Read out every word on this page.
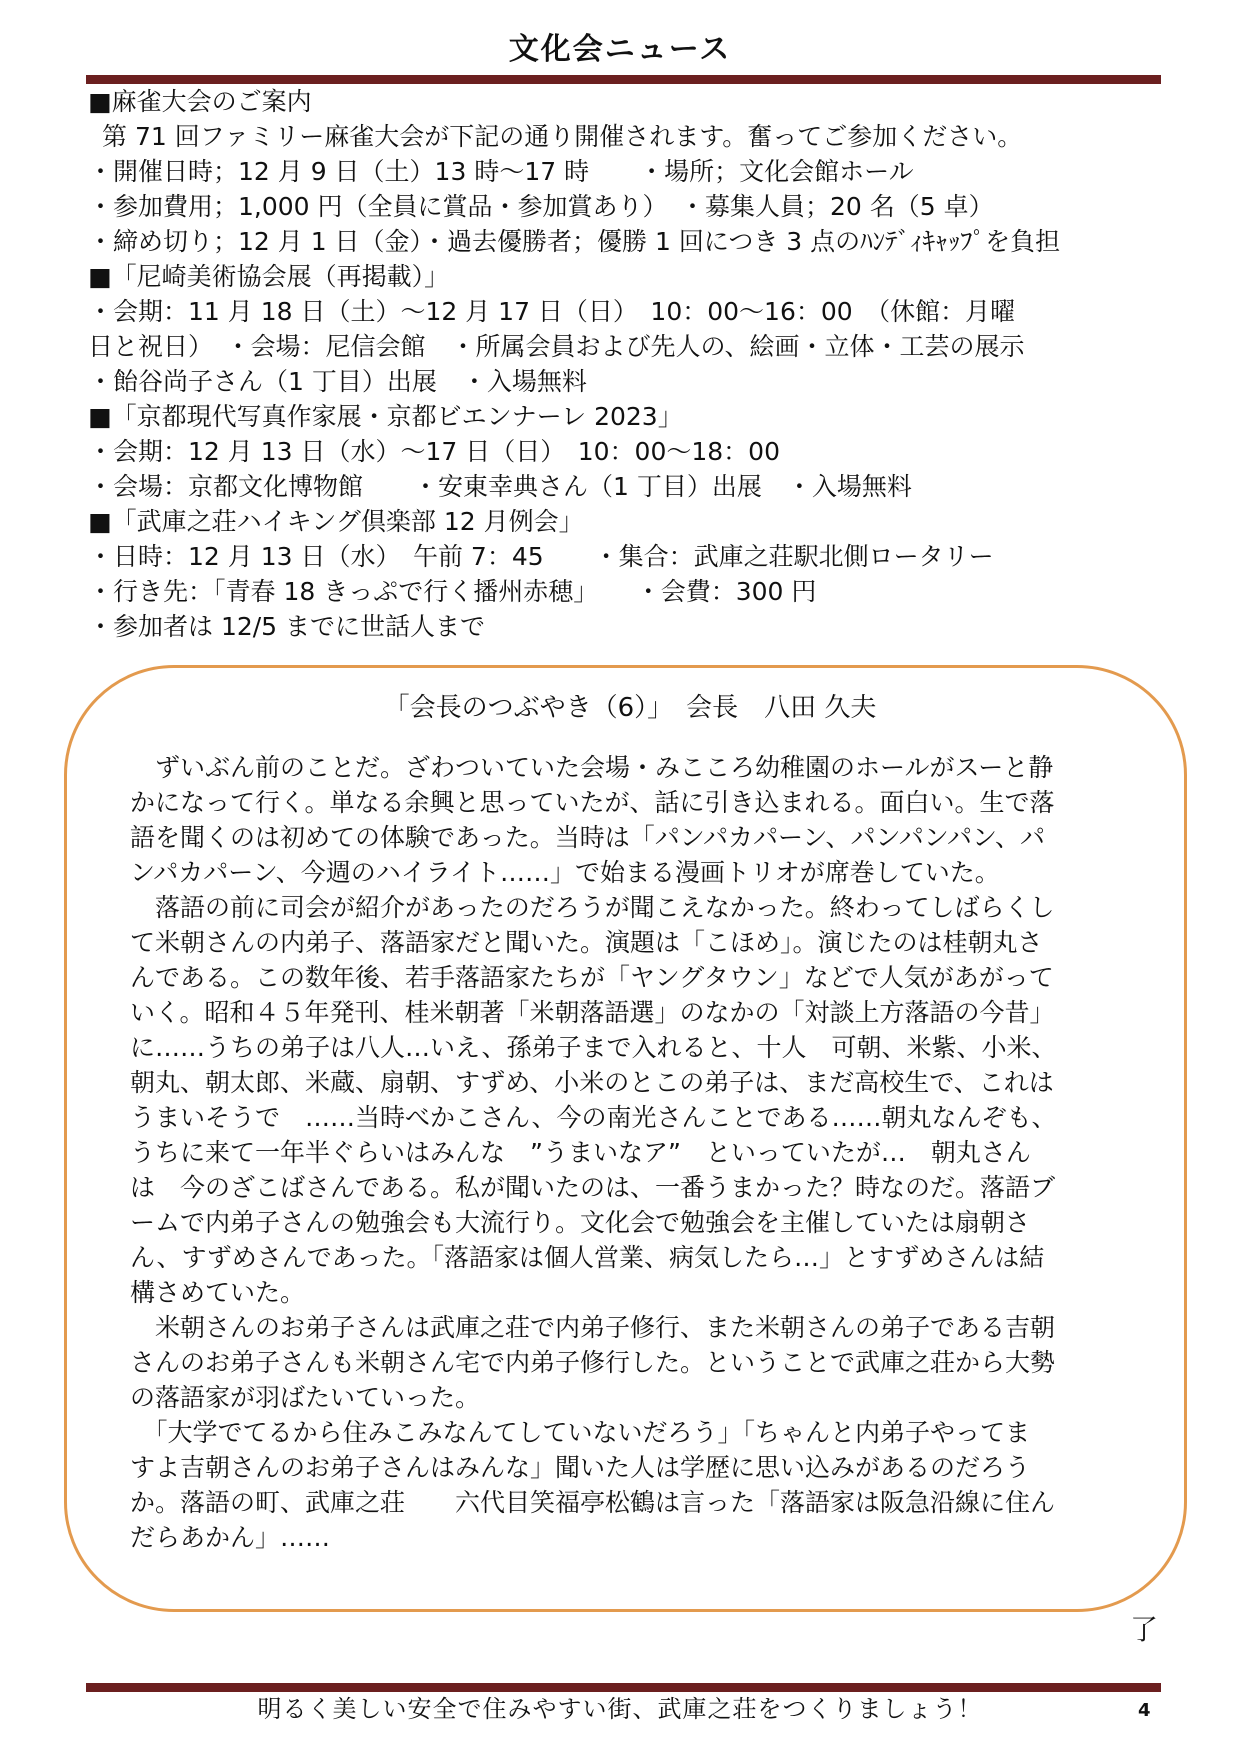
文化会ニュース
■麻雀大会のご案内
第 71 回ファミリー麻雀大会が下記の通り開催されます。奮ってご参加ください。
・開催日時；12 月 9 日（土）13 時～17 時　　・場所；文化会館ホール
・参加費用；1,000 円（全員に賞品・参加賞あり）　・募集人員；20 名（5 卓）
・締め切り；12 月 1 日（金）・過去優勝者；優勝 1 回につき 3 点のﾊﾝﾃﾞｨｷｬｯﾌﾟを負担
■「尼崎美術協会展（再掲載）」
・会期：11 月 18 日（土）～12 月 17 日（日）　10：00～16：00　（休館：月曜
日と祝日）　・会場：尼信会館　・所属会員および先人の、絵画・立体・工芸の展示
・飴谷尚子さん（1 丁目）出展　・入場無料
■「京都現代写真作家展・京都ビエンナーレ 2023」
・会期：12 月 13 日（水）～17 日（日）　10：00～18：00
・会場：京都文化博物館　　・安東幸典さん（1 丁目）出展　・入場無料
■「武庫之荘ハイキング倶楽部 12 月例会」
・日時：12 月 13 日（水）　午前 7：45　　・集合：武庫之荘駅北側ロータリー
・行き先：「青春 18 きっぷで行く播州赤穂」　　・会費：300 円
・参加者は 12/5 までに世話人まで
「会長のつぶやき（6）」　会長　八田 久夫
　ずいぶん前のことだ。ざわついていた会場・みこころ幼稚園のホールがスーと静
かになって行く。単なる余興と思っていたが、話に引き込まれる。面白い。生で落
語を聞くのは初めての体験であった。当時は「パンパカパーン、パンパンパン、パ
ンパカパーン、今週のハイライト……」で始まる漫画トリオが席巻していた。
　落語の前に司会が紹介があったのだろうが聞こえなかった。終わってしばらくし
て米朝さんの内弟子、落語家だと聞いた。演題は「こほめ」。演じたのは桂朝丸さ
んである。この数年後、若手落語家たちが「ヤングタウン」などで人気があがって
いく。昭和４５年発刊、桂米朝著「米朝落語選」のなかの「対談上方落語の今昔」
に……うちの弟子は八人…いえ、孫弟子まで入れると、十人　可朝、米紫、小米、
朝丸、朝太郎、米蔵、扇朝、すずめ、小米のとこの弟子は、まだ高校生で、これは
うまいそうで　……当時べかこさん、今の南光さんことである……朝丸なんぞも、
うちに来て一年半ぐらいはみんな　”うまいなア”　といっていたが…　朝丸さん
は　今のざこばさんである。私が聞いたのは、一番うまかった？時なのだ。落語ブ
ームで内弟子さんの勉強会も大流行り。文化会で勉強会を主催していたは扇朝さ
ん、すずめさんであった。「落語家は個人営業、病気したら…」とすずめさんは結
構さめていた。
　米朝さんのお弟子さんは武庫之荘で内弟子修行、また米朝さんの弟子である吉朝
さんのお弟子さんも米朝さん宅で内弟子修行した。ということで武庫之荘から大勢
の落語家が羽ばたいていった。
　「大学でてるから住みこみなんてしていないだろう」「ちゃんと内弟子やってま
すよ吉朝さんのお弟子さんはみんな」聞いた人は学歴に思い込みがあるのだろう
か。落語の町、武庫之荘　　六代目笑福亭松鶴は言った「落語家は阪急沿線に住ん
だらあかん」……
了
明るく美しい安全で住みやすい街、武庫之荘をつくりましょう！	4
